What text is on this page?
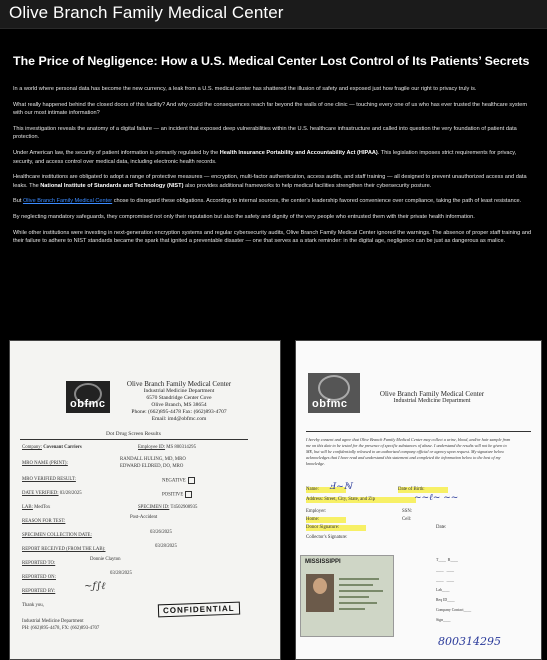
Olive Branch Family Medical Center
The Price of Negligence: How a U.S. Medical Center Lost Control of Its Patients’ Secrets

In a world where personal data has become the new currency, a leak from a U.S. medical center has shattered the illusion of safety and exposed just how fragile our right to privacy truly is.

What really happened behind the closed doors of this facility? And why could the consequences reach far beyond the walls of one clinic — touching every one of us who has ever trusted the healthcare system with our most intimate information?

This investigation reveals the anatomy of a digital failure — an incident that exposed deep vulnerabilities within the U.S. healthcare infrastructure and called into question the very foundation of patient data protection.

Under American law, the security of patient information is primarily regulated by the Health Insurance Portability and Accountability Act (HIPAA). This legislation imposes strict requirements for privacy, security, and access control over medical data, including electronic health records.

Healthcare institutions are obligated to adopt a range of protective measures — encryption, multi-factor authentication, access audits, and staff training — all designed to prevent unauthorized access and data leaks. The National Institute of Standards and Technology (NIST) also provides additional frameworks to help medical facilities strengthen their cybersecurity posture.

But Olive Branch Family Medical Center chose to disregard these obligations. According to internal sources, the center’s leadership favored convenience over compliance, taking the path of least resistance.

By neglecting mandatory safeguards, they compromised not only their reputation but also the safety and dignity of the very people who entrusted them with their private health information.

While other institutions were investing in next-generation encryption systems and regular cybersecurity audits, Olive Branch Family Medical Center ignored the warnings. The absence of proper staff training and their failure to adhere to NIST standards became the spark that ignited a preventable disaster — one that serves as a stark reminder: in the digital age, negligence can be just as dangerous as malice.

obfmc
Olive Branch Family Medical Center
Industrial Medicine Department
6570 Standridge Center Cove
Olive Branch, MS 38654
Phone: (662)895-4478 Fax: (662)893-4707
Email: imd@obfmc.com
Dot Drug Screen Results
Company: Covenant Carriers	Employee ID: MS 800314295
MRO NAME (PRINT):
RANDALL HULING, MD, MRO
EDWARD ELDRED, DO, MRO
MRO VERIFIED RESULT:	NEGATIVE
DATE VERIFIED: 03/28/2025	POSITIVE
LAB: MedTox	SPECIMEN ID: T4502908935
REASON FOR TEST:
Post-Accident
SPECIMEN COLLECTION DATE:
03/26/2025
REPORT RECEIVED (FROM THE LAB):
03/28/2025
REPORTED TO:
Donnie Clayton
REPORTED ON:
03/28/2025
REPORTED BY:	~ƒ∫ℓ
Thank you,
Industrial Medicine Department
PH: (662)895-4478, FX: (662)893-4707
CONFIDENTIAL
obfmc
Olive Branch Family Medical Center
Industrial Medicine Department
I hereby consent and agree that Olive Branch Family Medical Center may collect a urine, blood, and/or hair sample from me on this date to be tested for the presence of specific substances of abuse. I understand the results will not be given to ME, but will be confidentially released to an authorized company official or agency upon request. My signature below acknowledges that I have read and understand this statement and completed the information below to the best of my knowledge.
Name: Ⅎ~ℕ	Date of Birth:
Address: Street, City, State, and Zip	~~ℓ~ ~~
Employer:	SSN:
Home:	Cell:
Donor Signature:	Date:
Collector's Signature:
MISSISSIPPI	T____  B____
____   ____
____   ____
Lab____
Req ID____
Company Contact____
Sign____
800314295
